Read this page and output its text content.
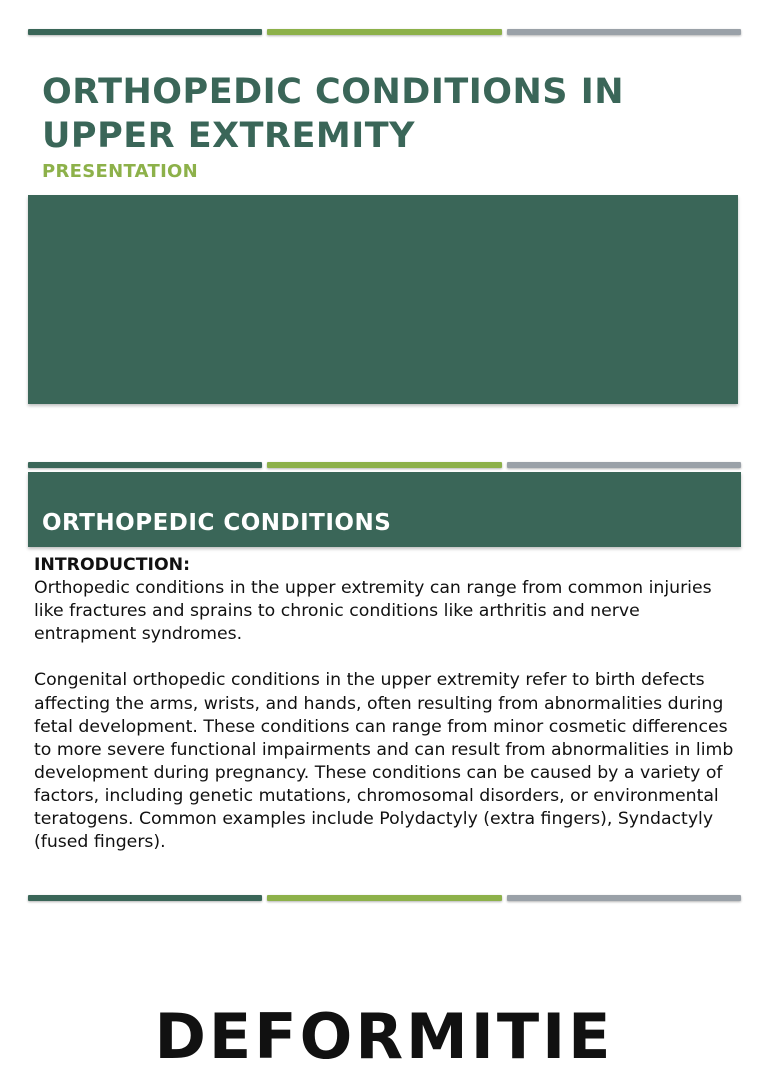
ORTHOPEDIC CONDITIONS IN UPPER EXTREMITY
PRESENTATION
ORTHOPEDIC CONDITIONS
INTRODUCTION:

Orthopedic conditions in the upper extremity can range from common injuries like fractures and sprains to chronic conditions like arthritis and nerve entrapment syndromes.

Congenital orthopedic conditions in the upper extremity refer to birth defects affecting the arms, wrists, and hands, often resulting from abnormalities during fetal development. These conditions can range from minor cosmetic differences to more severe functional impairments and can result from abnormalities in limb development during pregnancy. These conditions can be caused by a variety of factors, including genetic mutations, chromosomal disorders, or environmental teratogens. Common examples include Polydactyly (extra fingers), Syndactyly (fused fingers).

DEFORMITIE
